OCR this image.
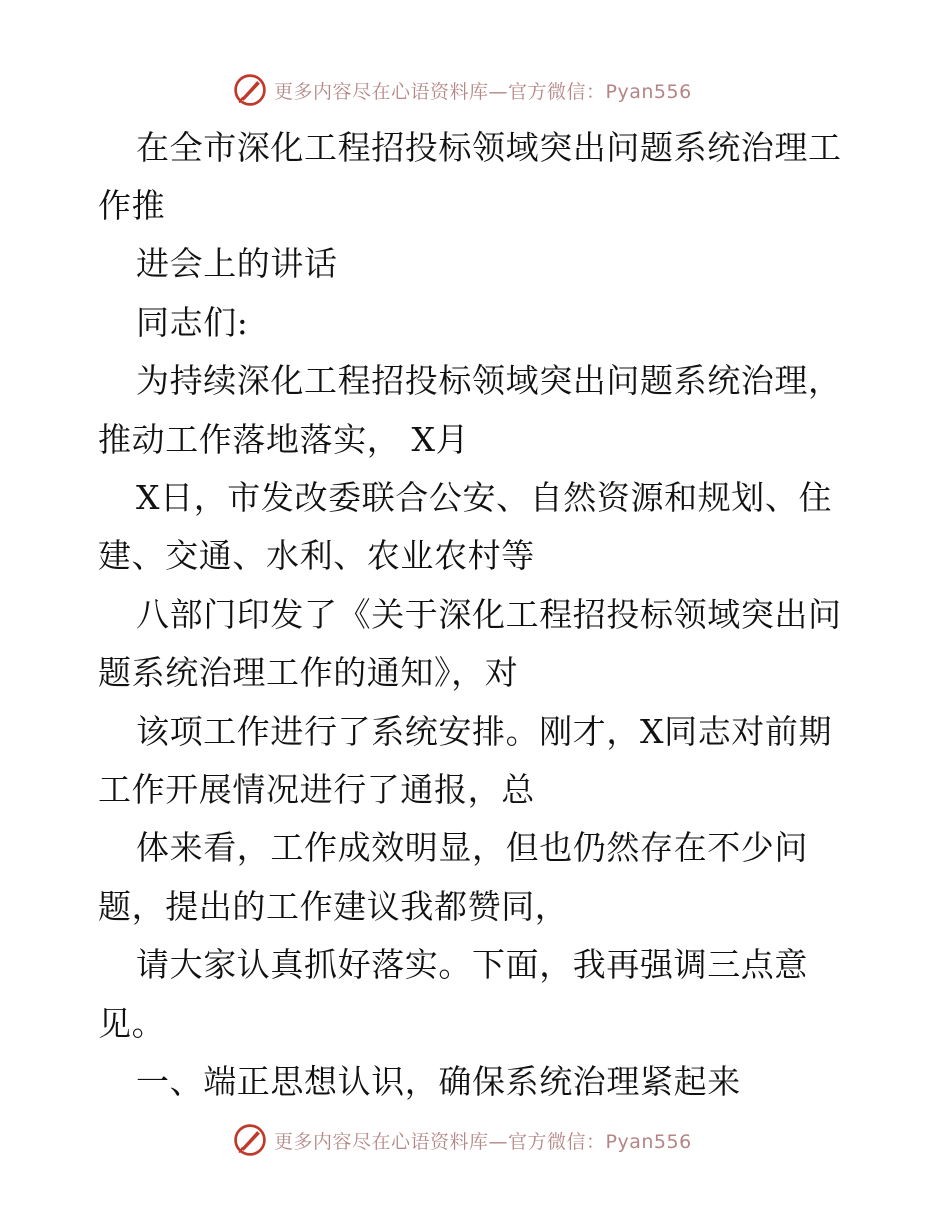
更多内容尽在心语资料库—官方微信：Pyan556
在全市深化工程招投标领域突出问题系统治理工
作推
进会上的讲话
同志们:
为持续深化工程招投标领域突出问题系统治理，
推动工作落地落实， X月
X日，市发改委联合公安、自然资源和规划、住
建、交通、水利、农业农村等
八部门印发了《关于深化工程招投标领域突出问
题系统治理工作的通知》，对
该项工作进行了系统安排。刚才，X同志对前期
工作开展情况进行了通报，总
体来看，工作成效明显，但也仍然存在不少问
题，提出的工作建议我都赞同，
请大家认真抓好落实。下面，我再强调三点意
见。
一、端正思想认识，确保系统治理紧起来
更多内容尽在心语资料库—官方微信：Pyan556
